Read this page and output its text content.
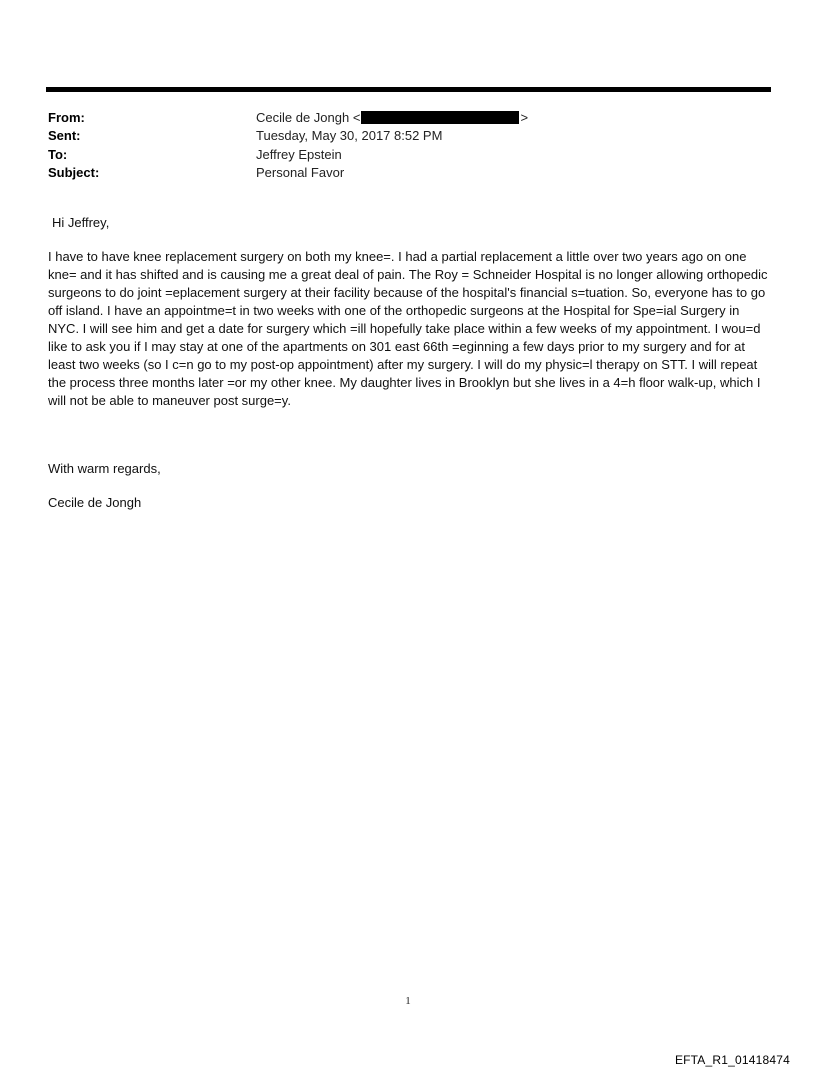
From:	Cecile de Jongh <	>
Sent:	Tuesday, May 30, 2017 8:52 PM
To:	Jeffrey Epstein
Subject:	Personal Favor

Hi Jeffrey,

I have to have knee replacement surgery on both my knee=. I had a partial replacement a little over two years ago on one kne= and it has shifted and is causing me a great deal of pain. The Roy = Schneider Hospital is no longer allowing orthopedic surgeons to do joint =eplacement surgery at their facility because of the hospital's financial s=tuation. So, everyone has to go off island. I have an appointme=t in two weeks with one of the orthopedic surgeons at the Hospital for Spe=ial Surgery in NYC. I will see him and get a date for surgery which =ill hopefully take place within a few weeks of my appointment. I wou=d like to ask you if I may stay at one of the apartments on 301 east 66th =eginning a few days prior to my surgery and for at least two weeks (so I c=n go to my post-op appointment) after my surgery. I will do my physic=l therapy on STT. I will repeat the process three months later =or my other knee. My daughter lives in Brooklyn but she lives in a 4=h floor walk-up, which I will not be able to maneuver post surge=y.

With warm regards,

Cecile de Jongh

1
EFTA_R1_01418474
